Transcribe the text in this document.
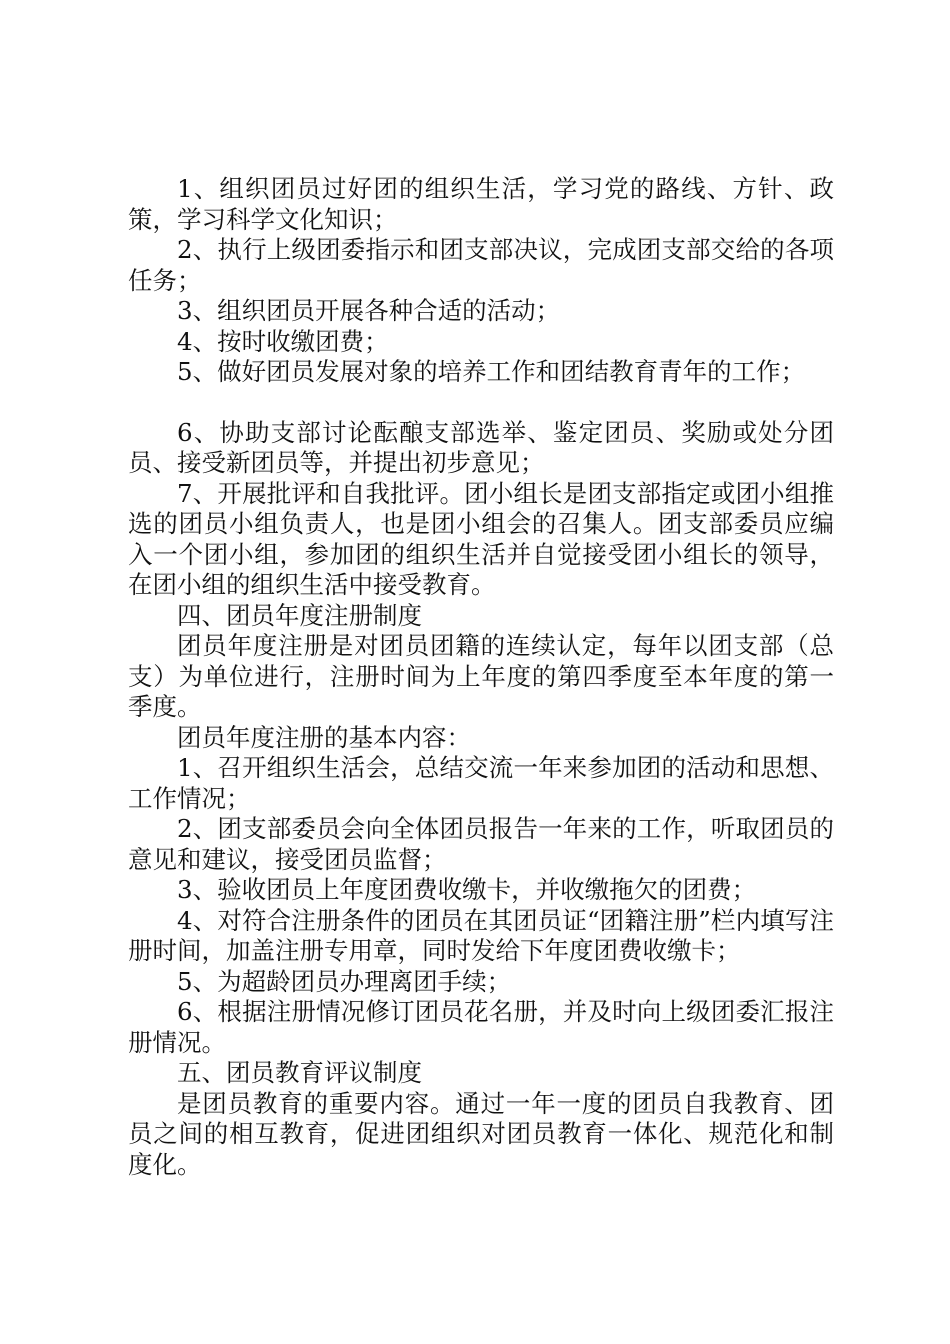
1、组织团员过好团的组织生活，学习党的路线、方针、政策，学习科学文化知识；

2、执行上级团委指示和团支部决议，完成团支部交给的各项任务；

3、组织团员开展各种合适的活动；

4、按时收缴团费；

5、做好团员发展对象的培养工作和团结教育青年的工作；

6、协助支部讨论酝酿支部选举、鉴定团员、奖励或处分团员、接受新团员等，并提出初步意见；

7、开展批评和自我批评。团小组长是团支部指定或团小组推选的团员小组负责人，也是团小组会的召集人。团支部委员应编入一个团小组，参加团的组织生活并自觉接受团小组长的领导，在团小组的组织生活中接受教育。

四、团员年度注册制度

团员年度注册是对团员团籍的连续认定，每年以团支部（总支）为单位进行，注册时间为上年度的第四季度至本年度的第一季度。

团员年度注册的基本内容：

1、召开组织生活会，总结交流一年来参加团的活动和思想、工作情况；

2、团支部委员会向全体团员报告一年来的工作，听取团员的意见和建议，接受团员监督；

3、验收团员上年度团费收缴卡，并收缴拖欠的团费；

4、对符合注册条件的团员在其团员证“团籍注册”栏内填写注册时间，加盖注册专用章，同时发给下年度团费收缴卡；

5、为超龄团员办理离团手续；

6、根据注册情况修订团员花名册，并及时向上级团委汇报注册情况。

五、团员教育评议制度

是团员教育的重要内容。通过一年一度的团员自我教育、团员之间的相互教育，促进团组织对团员教育一体化、规范化和制度化。
